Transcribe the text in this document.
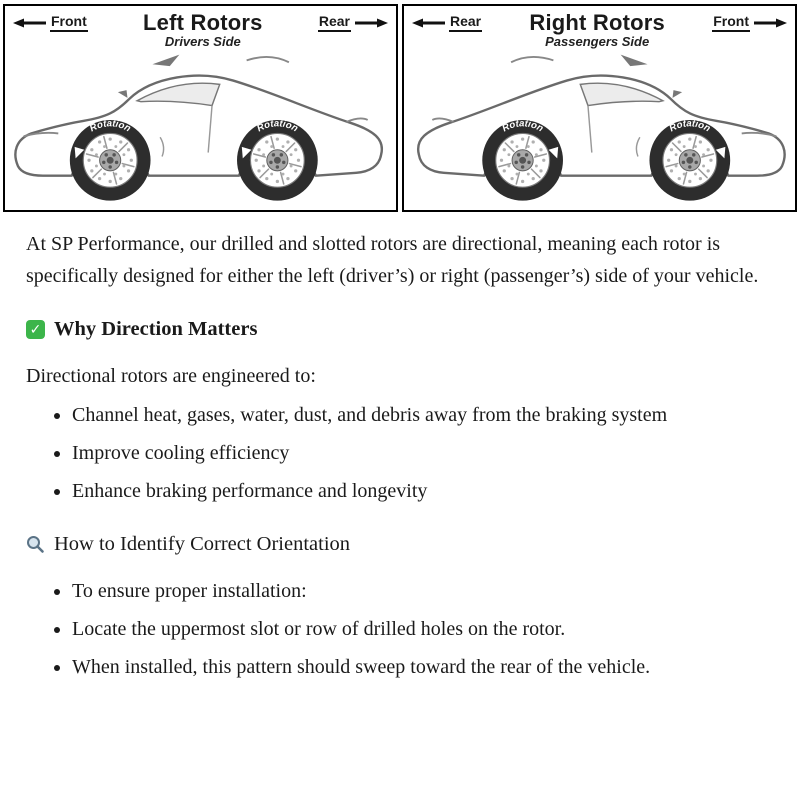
Front	Left Rotors
Drivers Side
Rear
Rotation	Rotation
Rear Right Rotors
Passengers Side
Front
Rotation	Rotation

At SP Performance, our drilled and slotted rotors are directional, meaning each rotor is specifically designed for either the left (driver’s) or right (passenger’s) side of your vehicle.

✓ Why Direction Matters

Directional rotors are engineered to:

• Channel heat, gases, water, dust, and debris away from the braking system
• Improve cooling efficiency
• Enhance braking performance and longevity
How to Identify Correct Orientation
• To ensure proper installation:
• Locate the uppermost slot or row of drilled holes on the rotor.
• When installed, this pattern should sweep toward the rear of the vehicle.
